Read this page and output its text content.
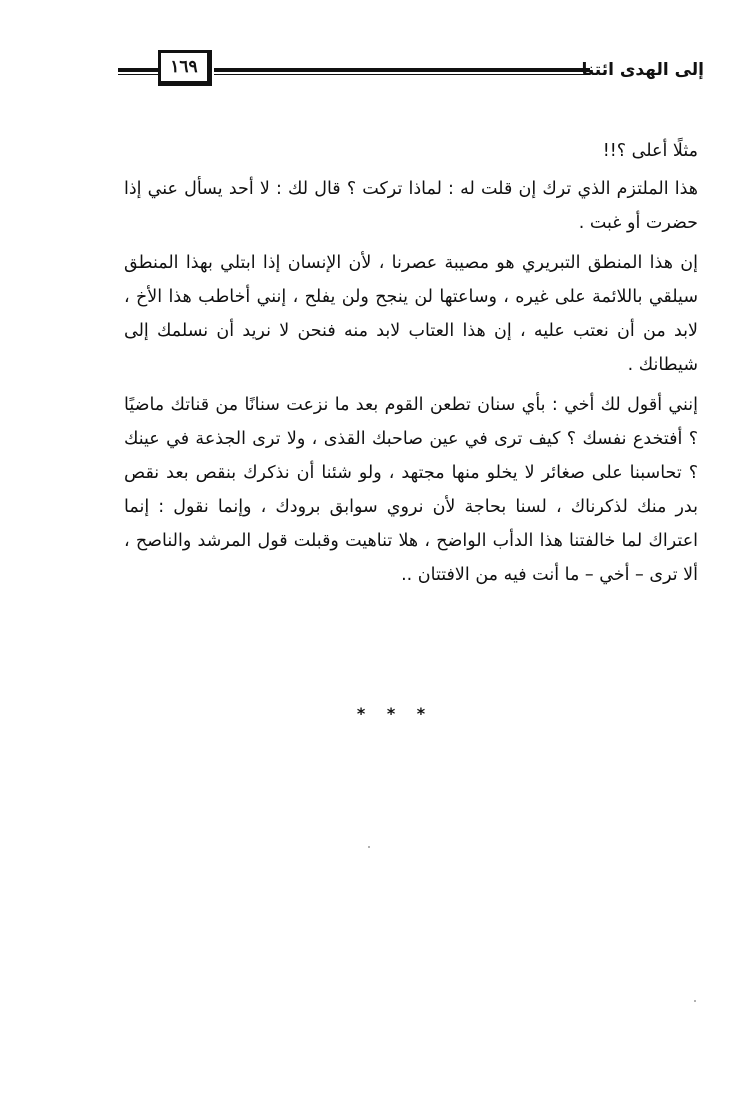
١٦٩	إلى الهدى ائتنا

مثلًا أعلى ؟!!

هذا الملتزم الذي ترك إن قلت له : لماذا تركت ؟ قال لك : لا أحد يسأل عني إذا حضرت أو غبت .

إن هذا المنطق التبريري هو مصيبة عصرنا ، لأن الإنسان إذا ابتلي بهذا المنطق سيلقي باللائمة على غيره ، وساعتها لن ينجح ولن يفلح ، إنني أخاطب هذا الأخ ، لابد من أن نعتب عليه ، إن هذا العتاب لابد منه فنحن لا نريد أن نسلمك إلى شيطانك .

إنني أقول لك أخي : بأي سنان تطعن القوم بعد ما نزعت سنانًا من قناتك ماضيًا ؟ أفتخدع نفسك ؟ كيف ترى في عين صاحبك القذى ، ولا ترى الجذعة في عينك ؟ تحاسبنا على صغائر لا يخلو منها مجتهد ، ولو شئنا أن نذكرك بنقص بعد نقص بدر منك لذكرناك ، لسنا بحاجة لأن نروي سوابق برودك ، وإنما نقول : إنما اعتراك لما خالفتنا هذا الدأب الواضح ، هلا تناهيت وقبلت قول المرشد والناصح ، ألا ترى – أخي – ما أنت فيه من الافتتان ..

* * *
